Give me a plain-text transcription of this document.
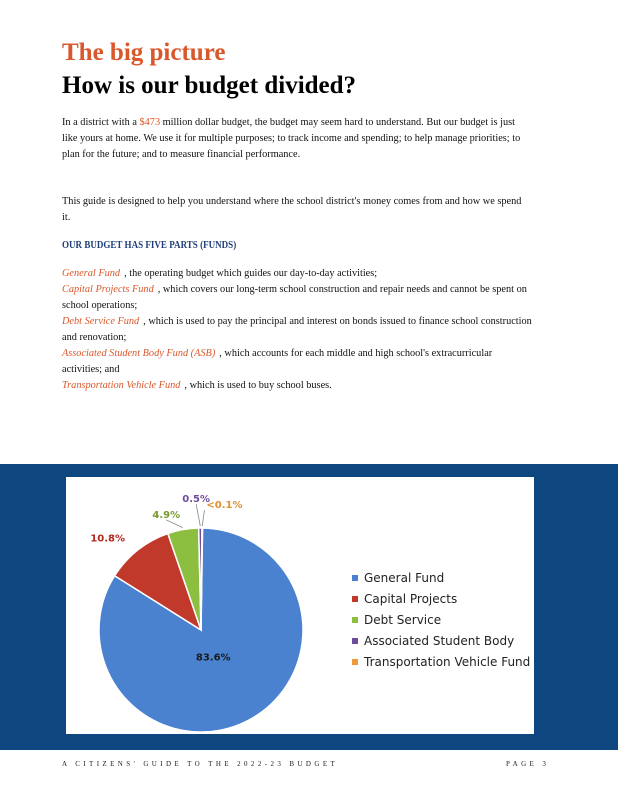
The big picture
How is our budget divided?

In a district with a $473 million dollar budget, the budget may seem hard to understand. But our budget is just like yours at home. We use it for multiple purposes; to track income and spending; to help manage priorities; to plan for the future; and to measure financial performance.

This guide is designed to help you understand where the school district's money comes from and how we spend it.

OUR BUDGET HAS FIVE PARTS (FUNDS)
General Fund , the operating budget which guides our day-to-day activities;
Capital Projects Fund , which covers our long-term school construction and repair needs and cannot be spent on school operations;
Debt Service Fund , which is used to pay the principal and interest on bonds issued to finance school construction and renovation;
Associated Student Body Fund (ASB) , which accounts for each middle and high school's extracurricular activities; and
Transportation Vehicle Fund , which is used to buy school buses.
83.6%
10.8%
4.9%
0.5%
<0.1%
General Fund
Capital Projects
Debt Service
Associated Student Body
Transportation Vehicle Fund
A CITIZENS' GUIDE TO THE 2022-23 BUDGET	PAGE 3
